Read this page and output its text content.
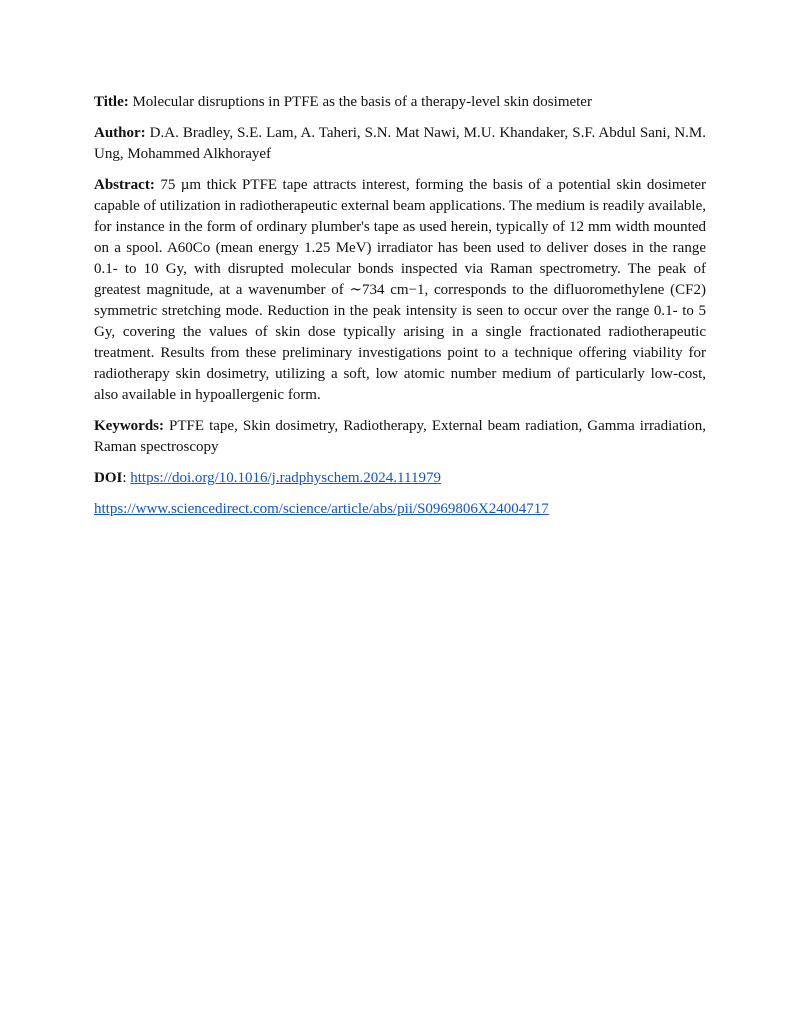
Title: Molecular disruptions in PTFE as the basis of a therapy-level skin dosimeter

Author: D.A. Bradley, S.E. Lam, A. Taheri, S.N. Mat Nawi, M.U. Khandaker, S.F. Abdul Sani, N.M. Ung, Mohammed Alkhorayef

Abstract: 75 µm thick PTFE tape attracts interest, forming the basis of a potential skin dosimeter capable of utilization in radiotherapeutic external beam applications. The medium is readily available, for instance in the form of ordinary plumber's tape as used herein, typically of 12 mm width mounted on a spool. A60Co (mean energy 1.25 MeV) irradiator has been used to deliver doses in the range 0.1- to 10 Gy, with disrupted molecular bonds inspected via Raman spectrometry. The peak of greatest magnitude, at a wavenumber of ∼734 cm−1, corresponds to the difluoromethylene (CF2) symmetric stretching mode. Reduction in the peak intensity is seen to occur over the range 0.1- to 5 Gy, covering the values of skin dose typically arising in a single fractionated radiotherapeutic treatment. Results from these preliminary investigations point to a technique offering viability for radiotherapy skin dosimetry, utilizing a soft, low atomic number medium of particularly low-cost, also available in hypoallergenic form.

Keywords: PTFE tape, Skin dosimetry, Radiotherapy, External beam radiation, Gamma irradiation, Raman spectroscopy

DOI: https://doi.org/10.1016/j.radphyschem.2024.111979

https://www.sciencedirect.com/science/article/abs/pii/S0969806X24004717
